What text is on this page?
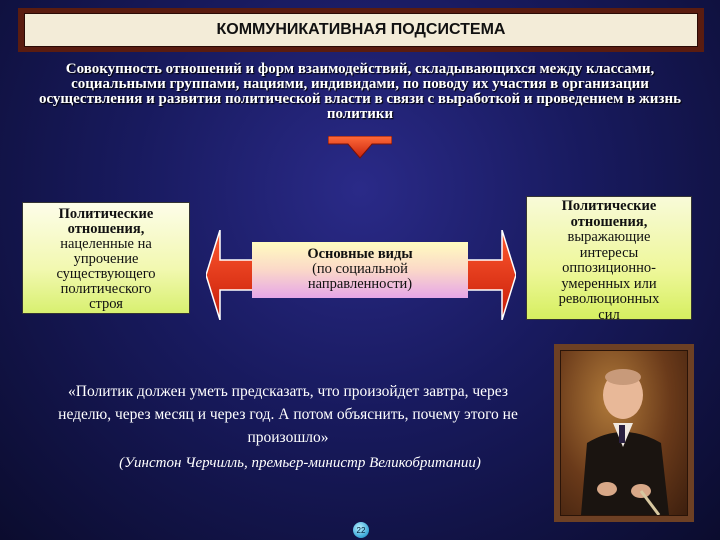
КОММУНИКАТИВНАЯ ПОДСИСТЕМА
Совокупность отношений и форм взаимодействий, складывающихся между классами, социальными группами, нациями, индивидами, по поводу их участия в организации осуществления и развития политической власти в связи с выработкой и проведением в жизнь политики
Политические
отношения,
нацеленные на
упрочение
существующего
политического
строя
Основные виды
(по социальной
направленности)
Политические
отношения,
выражающие
интересы
оппозиционно-
умеренных или
революционных
сил
«Политик должен уметь предсказать, что произойдет завтра, через неделю, через месяц и через год. А потом объяснить, почему этого не произошло»
(Уинстон Черчилль, премьер-министр Великобритании)
22
